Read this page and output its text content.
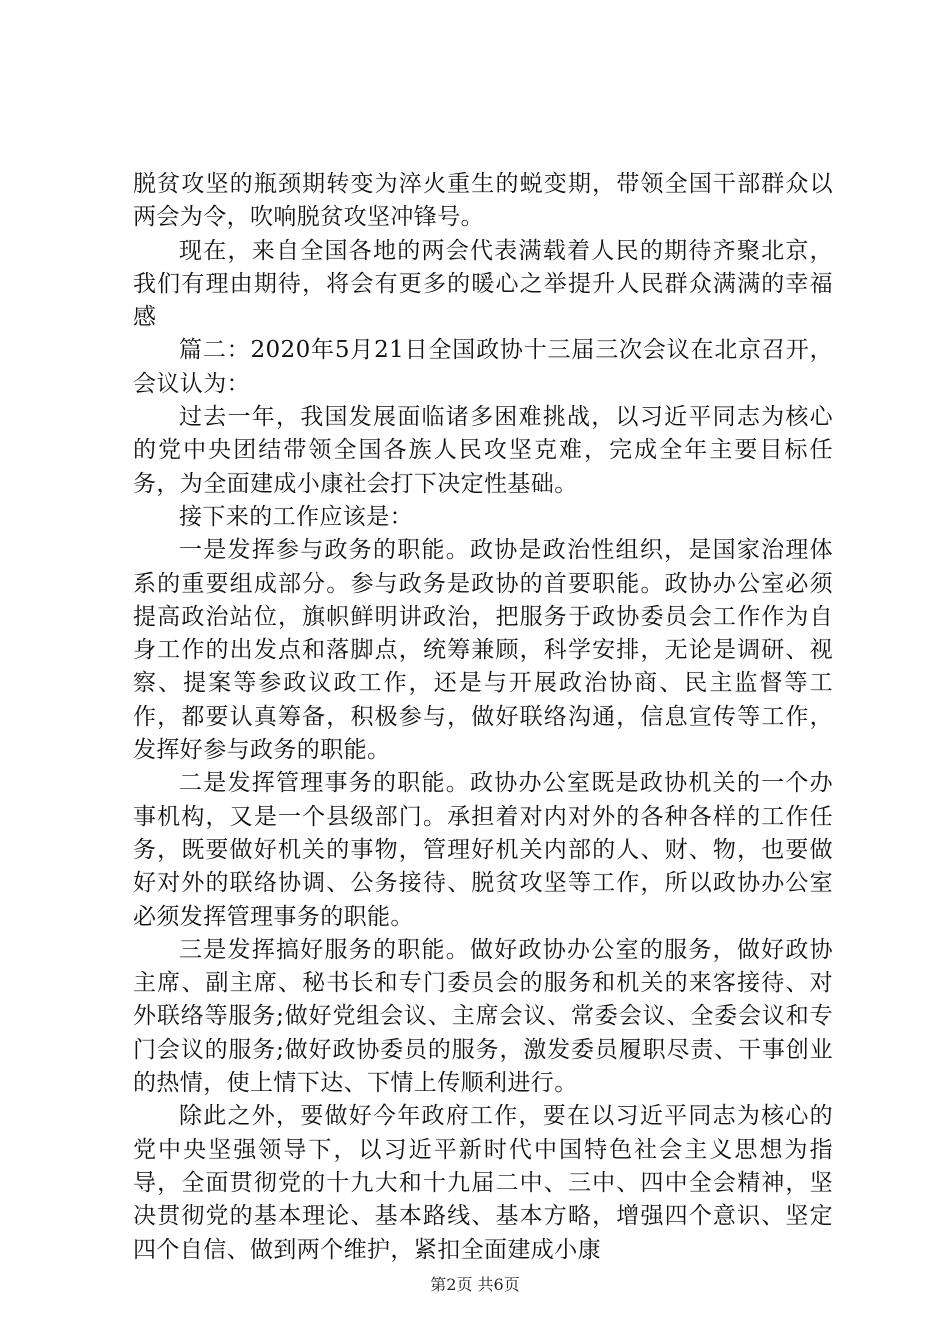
脱贫攻坚的瓶颈期转变为淬火重生的蜕变期，带领全国干部群众以两会为令，吹响脱贫攻坚冲锋号。

现在，来自全国各地的两会代表满载着人民的期待齐聚北京，我们有理由期待，将会有更多的暖心之举提升人民群众满满的幸福感

篇二：2020年5月21日全国政协十三届三次会议在北京召开，会议认为：

过去一年，我国发展面临诸多困难挑战，以习近平同志为核心的党中央团结带领全国各族人民攻坚克难，完成全年主要目标任务，为全面建成小康社会打下决定性基础。

接下来的工作应该是：

一是发挥参与政务的职能。政协是政治性组织，是国家治理体系的重要组成部分。参与政务是政协的首要职能。政协办公室必须提高政治站位，旗帜鲜明讲政治，把服务于政协委员会工作作为自身工作的出发点和落脚点，统筹兼顾，科学安排，无论是调研、视察、提案等参政议政工作，还是与开展政治协商、民主监督等工作，都要认真筹备，积极参与，做好联络沟通，信息宣传等工作，发挥好参与政务的职能。

二是发挥管理事务的职能。政协办公室既是政协机关的一个办事机构，又是一个县级部门。承担着对内对外的各种各样的工作任务，既要做好机关的事物，管理好机关内部的人、财、物，也要做好对外的联络协调、公务接待、脱贫攻坚等工作，所以政协办公室必须发挥管理事务的职能。

三是发挥搞好服务的职能。做好政协办公室的服务，做好政协主席、副主席、秘书长和专门委员会的服务和机关的来客接待、对外联络等服务;做好党组会议、主席会议、常委会议、全委会议和专门会议的服务;做好政协委员的服务，激发委员履职尽责、干事创业的热情，使上情下达、下情上传顺利进行。

除此之外，要做好今年政府工作，要在以习近平同志为核心的党中央坚强领导下，以习近平新时代中国特色社会主义思想为指导，全面贯彻党的十九大和十九届二中、三中、四中全会精神，坚决贯彻党的基本理论、基本路线、基本方略，增强四个意识、坚定四个自信、做到两个维护，紧扣全面建成小康

第2页 共6页
